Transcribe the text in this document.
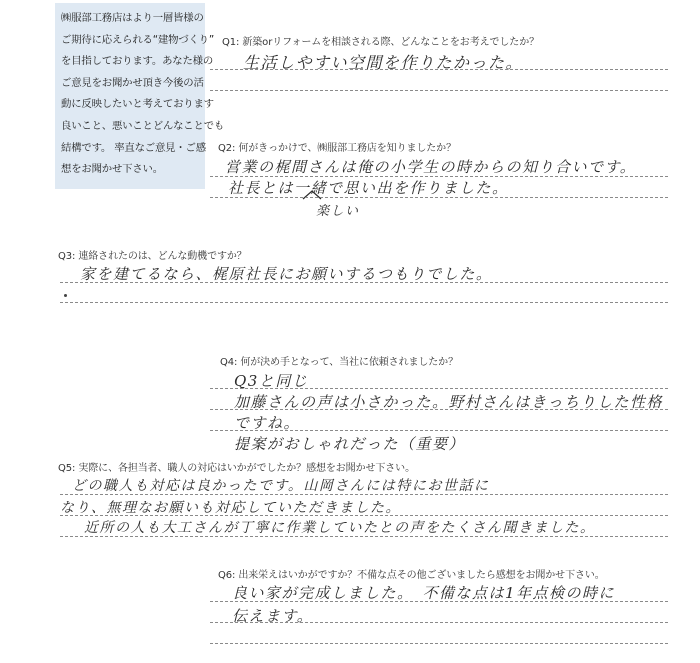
㈱服部工務店はより一層皆様の
ご期待に応えられる“建物づくり”
を目指しております。あなた様の
ご意見をお聞かせ頂き今後の活
動に反映したいと考えております
良いこと、悪いことどんなことでも
結構です。 率直なご意見・ご感
想をお聞かせ下さい。
Q1: 新築orリフォームを相談される際、どんなことをお考えでしたか？
生活しやすい空間を作りたかった。
Q2: 何がきっかけで、㈱服部工務店を知りましたか？
営業の梶間さんは俺の小学生の時からの知り合いです。
社長とは一緒で思い出を作りました。
楽しい
Q3: 連絡されたのは、どんな動機ですか？
家を建てるなら、梶原社長にお願いするつもりでした。
Q4: 何が決め手となって、当社に依頼されましたか？
Q3と同じ
加藤さんの声は小さかった。野村さんはきっちりした性格
ですね。
提案がおしゃれだった（重要）
Q5: 実際に、各担当者、職人の対応はいかがでしたか？感想をお聞かせ下さい。
どの職人も対応は良かったです。山岡さんには特にお世話に
なり、無理なお願いも対応していただきました。
近所の人も大工さんが丁寧に作業していたとの声をたくさん聞きました。
Q6: 出来栄えはいかがですか？不備な点その他ございましたら感想をお聞かせ下さい。
良い家が完成しました。　不備な点は1年点検の時に
伝えます。
